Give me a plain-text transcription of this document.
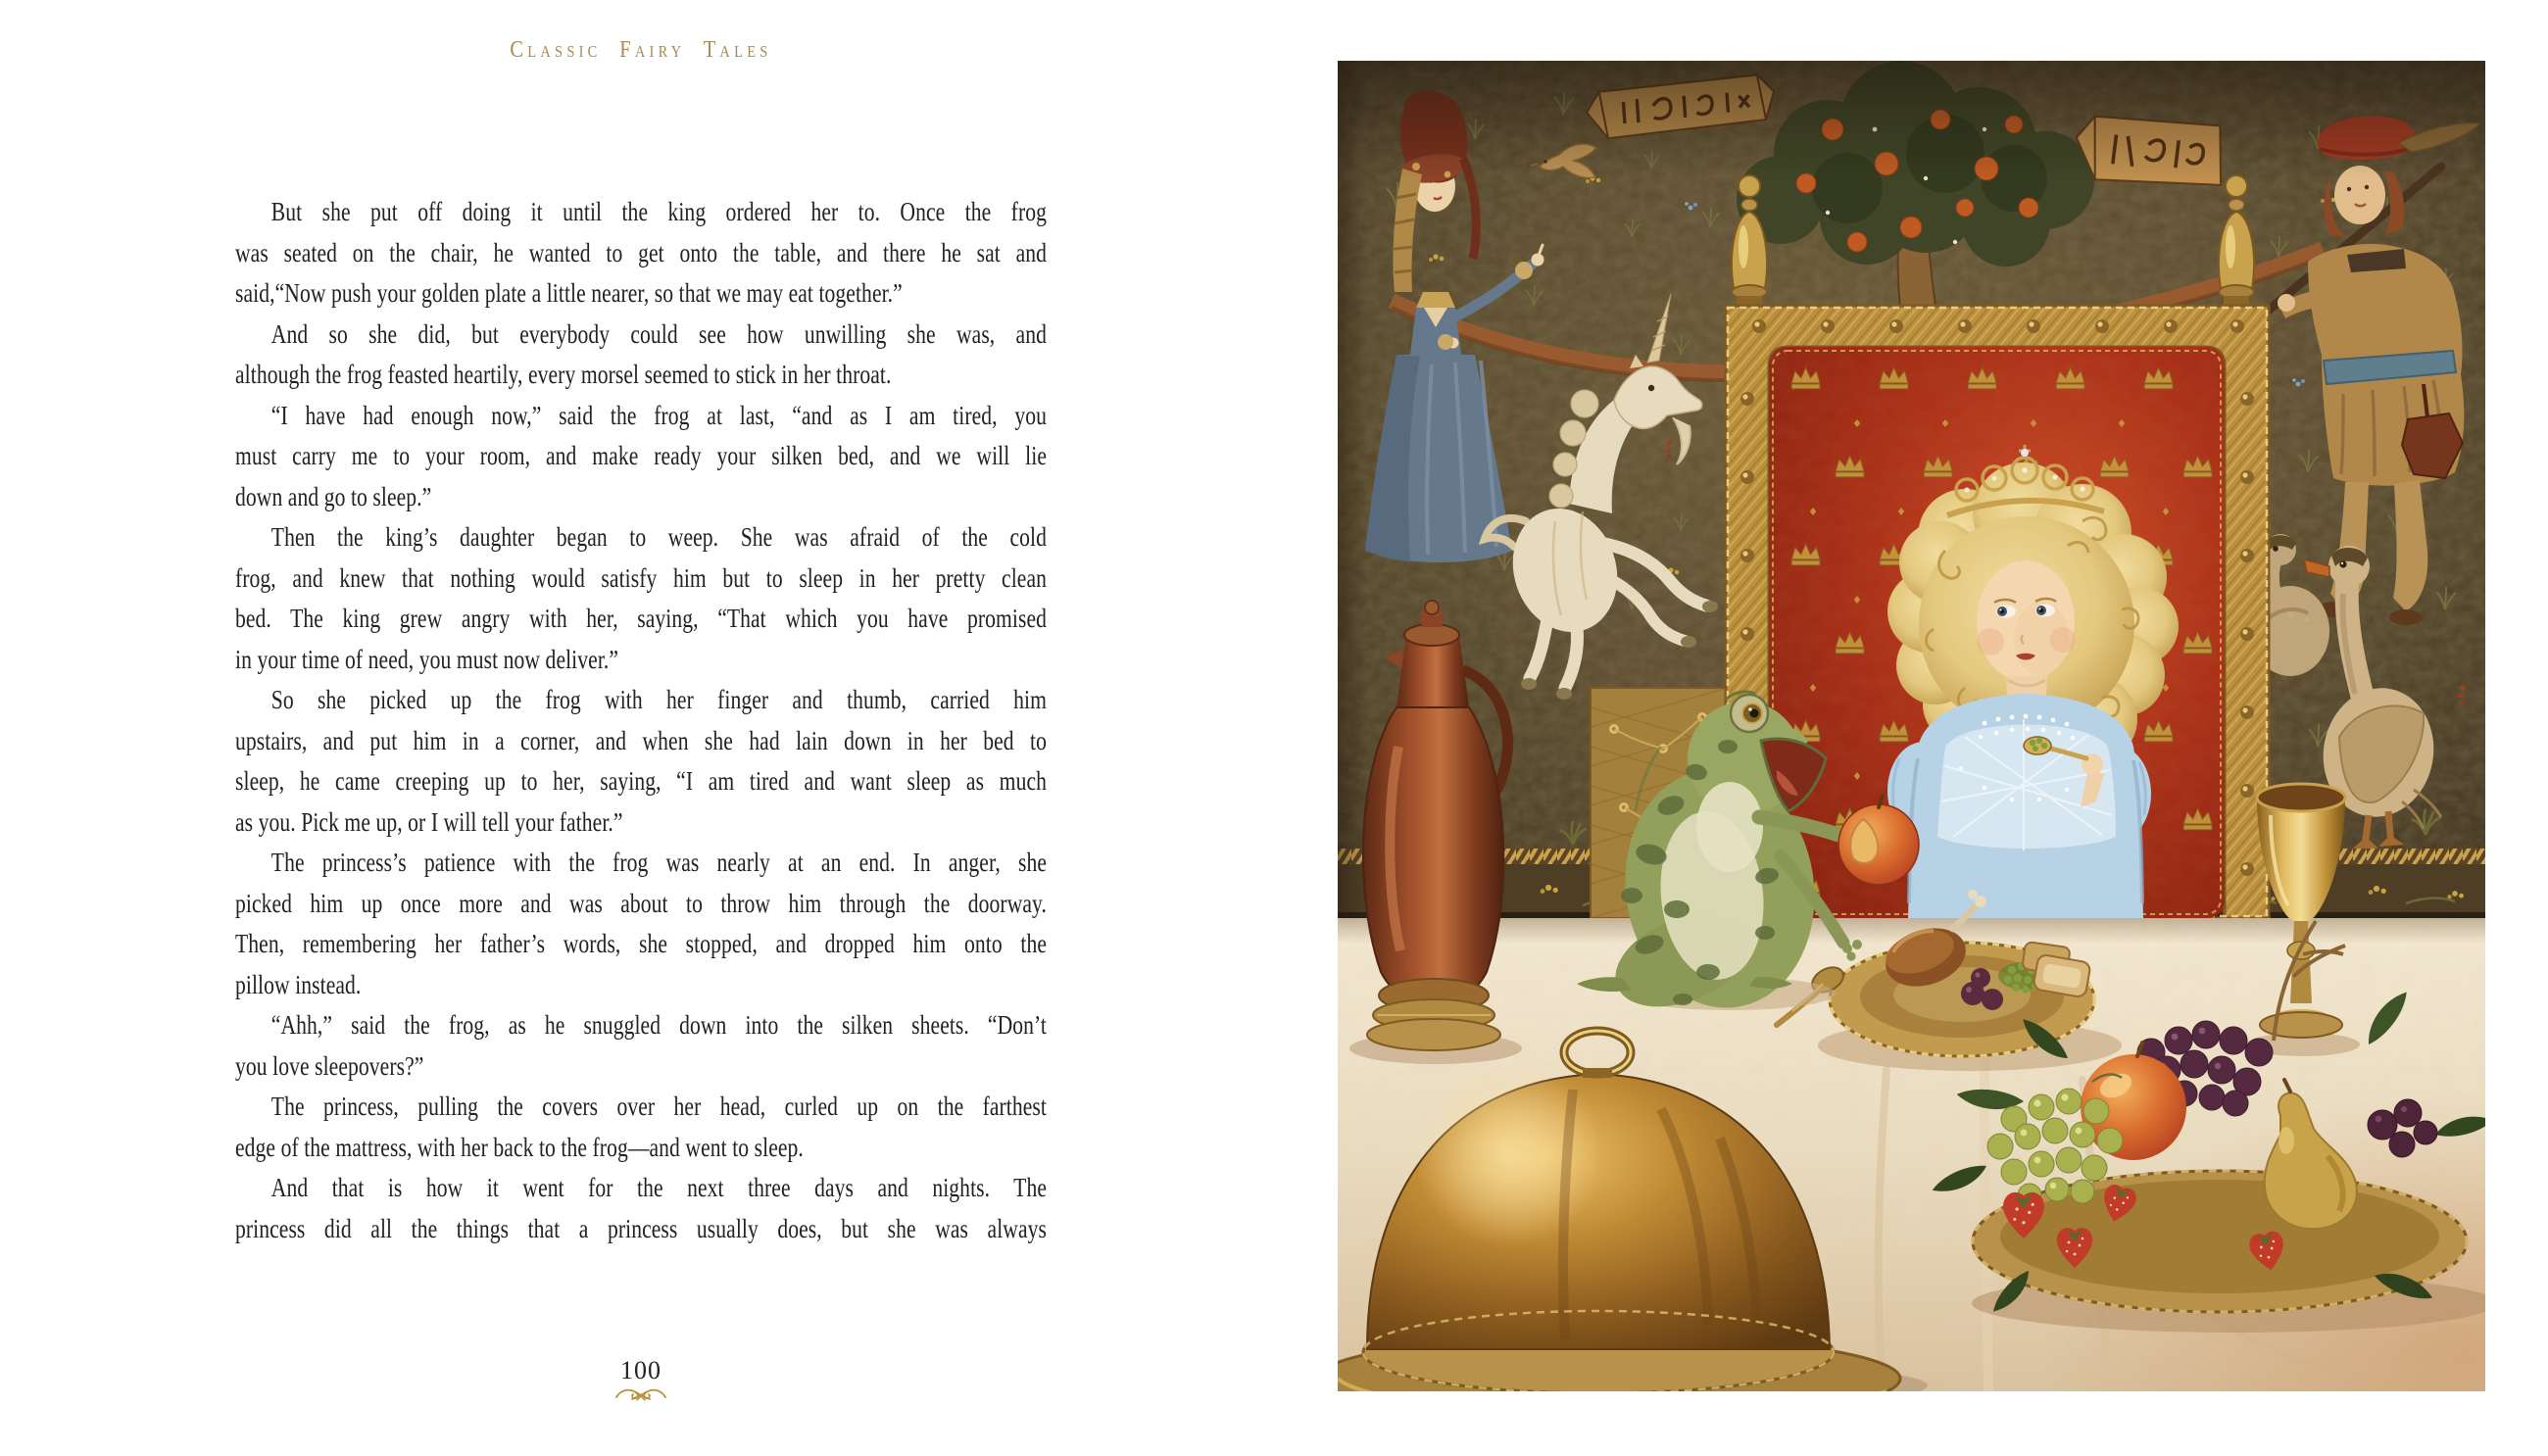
Classic Fairy Tales
But she put off doing it until the king ordered her to. Once the frog
was seated on the chair, he wanted to get onto the table, and there he sat and
said,“Now push your golden plate a little nearer, so that we may eat together.”
And so she did, but everybody could see how unwilling she was, and
although the frog feasted heartily, every morsel seemed to stick in her throat.
“I have had enough now,” said the frog at last, “and as I am tired, you
must carry me to your room, and make ready your silken bed, and we will lie
down and go to sleep.”
Then the king’s daughter began to weep. She was afraid of the cold
frog, and knew that nothing would satisfy him but to sleep in her pretty clean
bed. The king grew angry with her, saying, “That which you have promised
in your time of need, you must now deliver.”
So she picked up the frog with her finger and thumb, carried him
upstairs, and put him in a corner, and when she had lain down in her bed to
sleep, he came creeping up to her, saying, “I am tired and want sleep as much
as you. Pick me up, or I will tell your father.”
The princess’s patience with the frog was nearly at an end. In anger, she
picked him up once more and was about to throw him through the doorway.
Then, remembering her father’s words, she stopped, and dropped him onto the
pillow instead.
“Ahh,” said the frog, as he snuggled down into the silken sheets. “Don’t
you love sleepovers?”
The princess, pulling the covers over her head, curled up on the farthest
edge of the mattress, with her back to the frog—and went to sleep.
And that is how it went for the next three days and nights. The
princess did all the things that a princess usually does, but she was always
100
